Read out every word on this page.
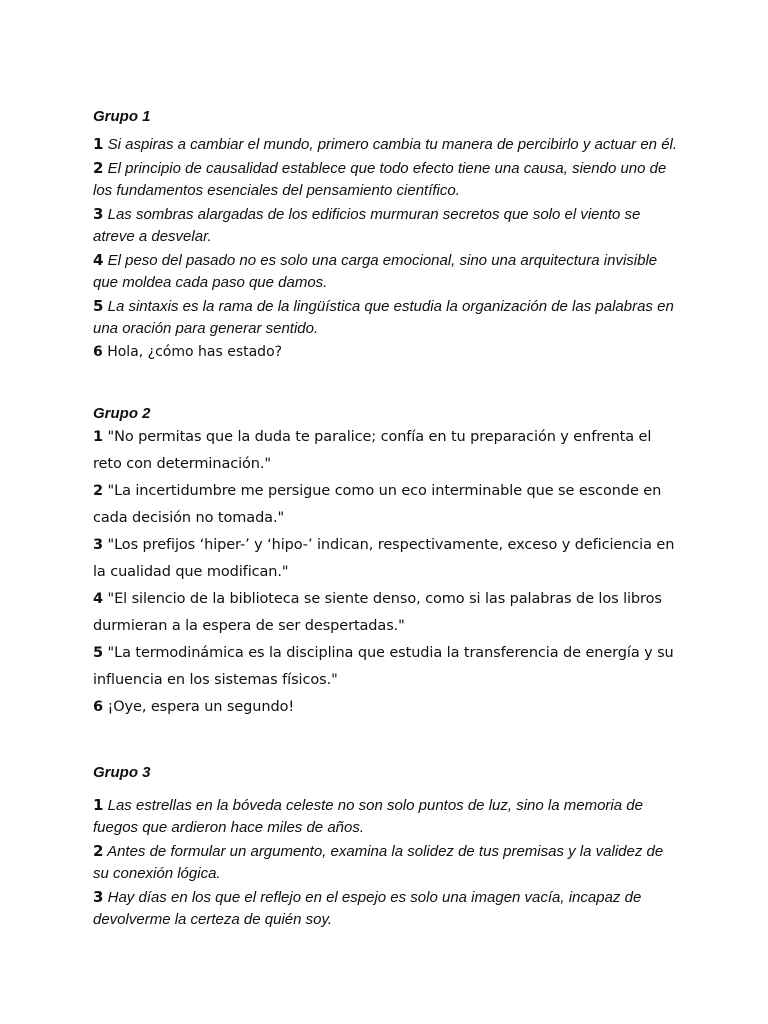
Grupo 1

1 Si aspiras a cambiar el mundo, primero cambia tu manera de percibirlo y actuar en él.

2 El principio de causalidad establece que todo efecto tiene una causa, siendo uno de los fundamentos esenciales del pensamiento científico.

3 Las sombras alargadas de los edificios murmuran secretos que solo el viento se atreve a desvelar.

4 El peso del pasado no es solo una carga emocional, sino una arquitectura invisible que moldea cada paso que damos.

5 La sintaxis es la rama de la lingüística que estudia la organización de las palabras en una oración para generar sentido.

6 Hola, ¿cómo has estado?

Grupo 2

1 "No permitas que la duda te paralice; confía en tu preparación y enfrenta el reto con determinación."

2 "La incertidumbre me persigue como un eco interminable que se esconde en cada decisión no tomada."

3 "Los prefijos ‘hiper-’ y ‘hipo-’ indican, respectivamente, exceso y deficiencia en la cualidad que modifican."

4 "El silencio de la biblioteca se siente denso, como si las palabras de los libros durmieran a la espera de ser despertadas."

5 "La termodinámica es la disciplina que estudia la transferencia de energía y su influencia en los sistemas físicos."

6 ¡Oye, espera un segundo!

Grupo 3

1 Las estrellas en la bóveda celeste no son solo puntos de luz, sino la memoria de fuegos que ardieron hace miles de años.

2 Antes de formular un argumento, examina la solidez de tus premisas y la validez de su conexión lógica.

3 Hay días en los que el reflejo en el espejo es solo una imagen vacía, incapaz de devolverme la certeza de quién soy.
